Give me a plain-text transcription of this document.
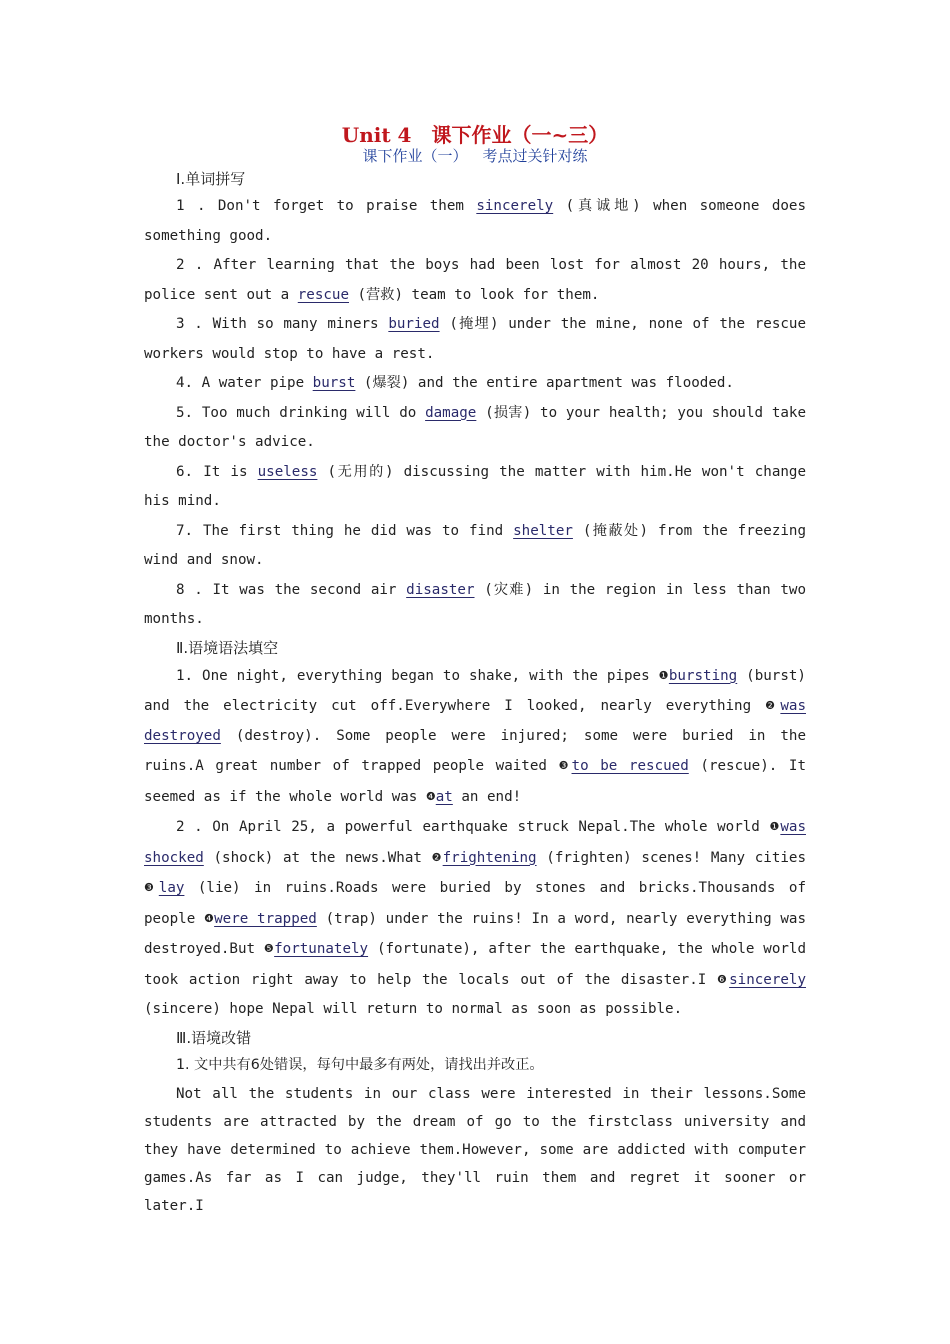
Unit 4 课下作业（一~三）
课下作业（一） 考点过关针对练
Ⅰ.单词拼写

1 . Don't forget to praise them sincerely (真诚地) when someone does something good.

2 . After learning that the boys had been lost for almost 20 hours, the police sent out a rescue (营救) team to look for them.

3 . With so many miners buried (掩埋) under the mine, none of the rescue workers would stop to have a rest.

4. A water pipe burst (爆裂) and the entire apartment was flooded.

5. Too much drinking will do damage (损害) to your health; you should take the doctor's advice.

6. It is useless (无用的) discussing the matter with him.He won't change his mind.

7. The first thing he did was to find shelter (掩蔽处) from the freezing wind and snow.

8 . It was the second air disaster (灾难) in the region in less than two months.

Ⅱ.语境语法填空

1. One night, everything began to shake, with the pipes ❶bursting (burst) and the electricity cut off.Everywhere I looked, nearly everything ❷was destroyed (destroy). Some people were injured; some were buried in the ruins.A great number of trapped people waited ❸to be rescued (rescue). It seemed as if the whole world was ❹at an end!

2 . On April 25, a powerful earthquake struck Nepal.The whole world ❶was shocked (shock) at the news.What ❷frightening (frighten) scenes! Many cities ❸lay (lie) in ruins.Roads were buried by stones and bricks.Thousands of people ❹were trapped (trap) under the ruins! In a word, nearly everything was destroyed.But ❺fortunately (fortunate), after the earthquake, the whole world took action right away to help the locals out of the disaster.I ❻sincerely (sincere) hope Nepal will return to normal as soon as possible.

Ⅲ.语境改错

1. 文中共有6处错误，每句中最多有两处，请找出并改正。

Not all the students in our class were interested in their lessons.Some students are attracted by the dream of go to the firstclass university and they have determined to achieve them.However, some are addicted with computer games.As far as I can judge, they'll ruin them and regret it sooner or later.I
